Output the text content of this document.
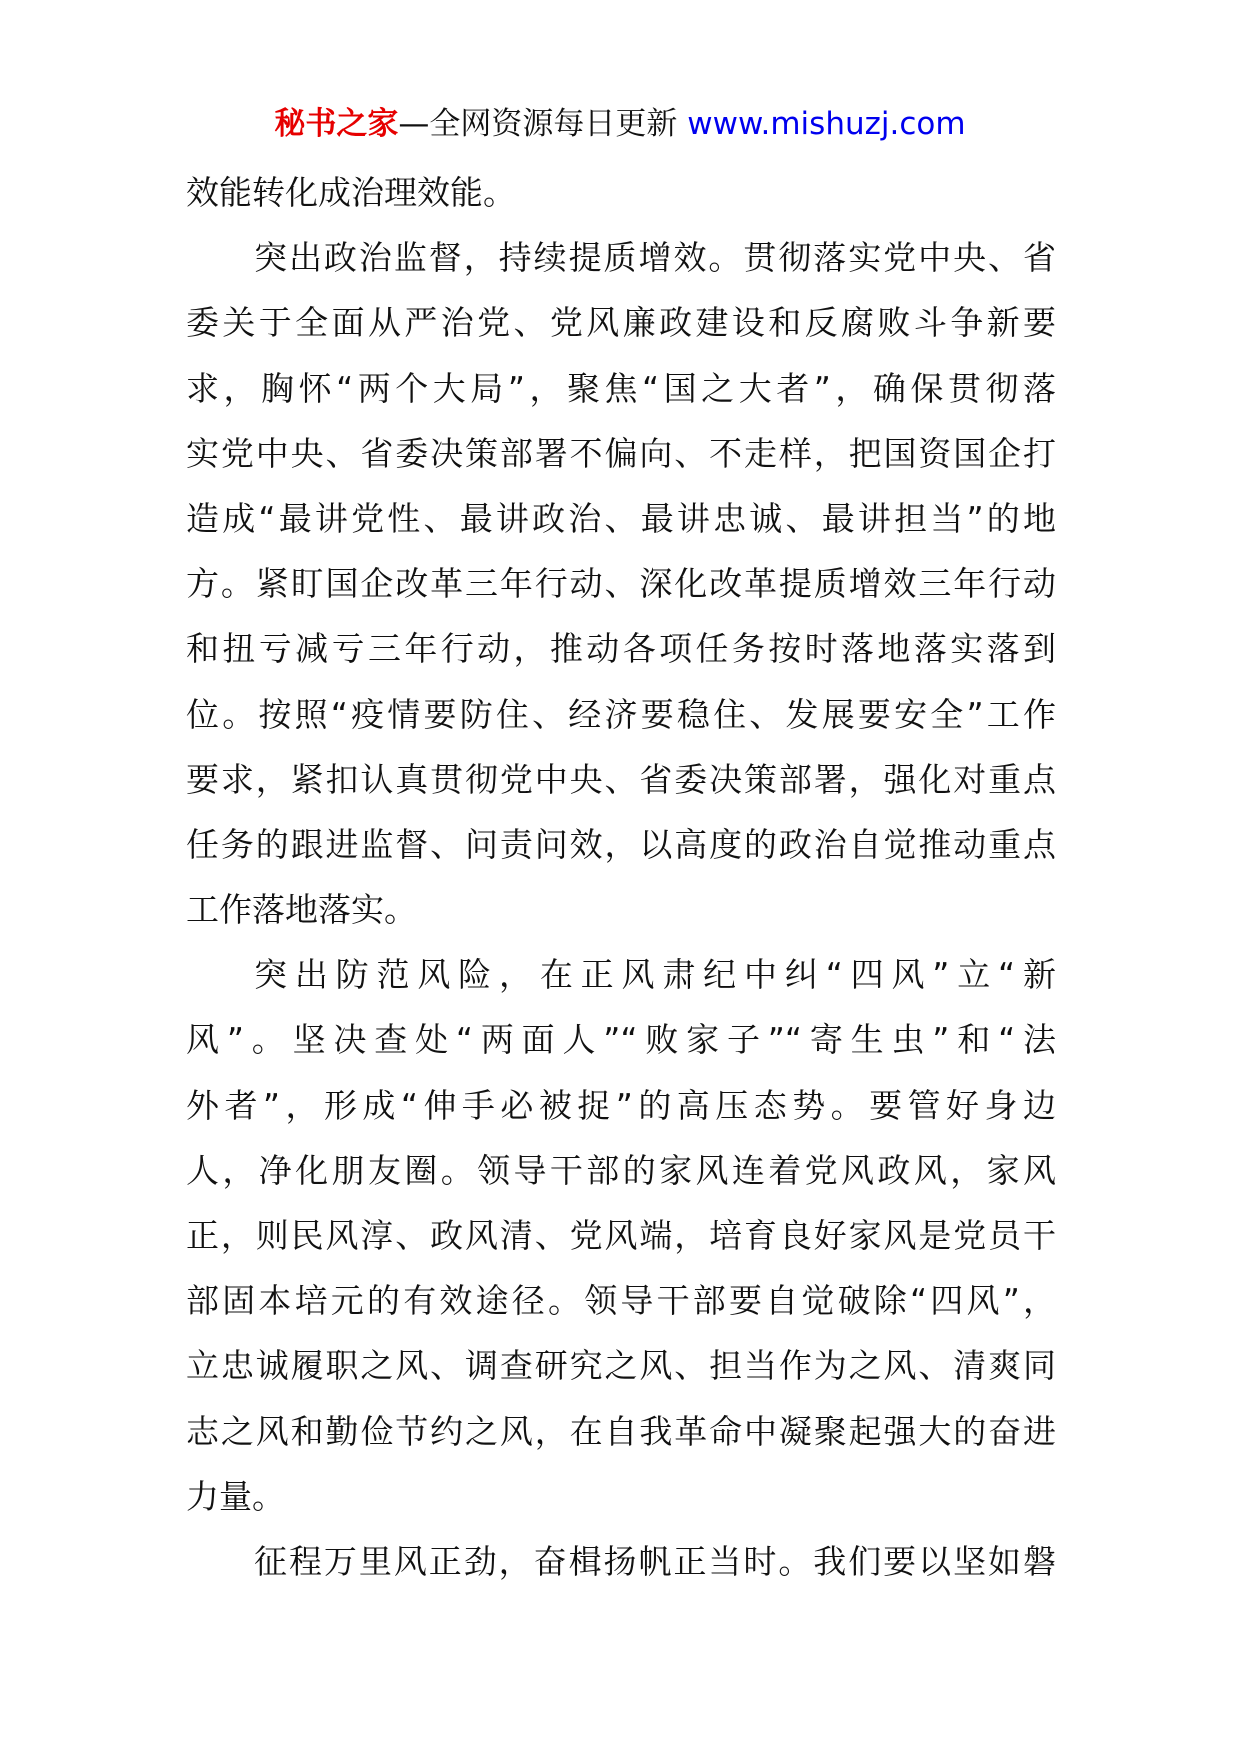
秘书之家—全网资源每日更新 www.mishuzj.com
效能转化成治理效能。
突出政治监督，持续提质增效。贯彻落实党中央、省
委关于全面从严治党、党风廉政建设和反腐败斗争新要
求，胸怀“两个大局”，聚焦“国之大者”，确保贯彻落
实党中央、省委决策部署不偏向、不走样，把国资国企打
造成“最讲党性、最讲政治、最讲忠诚、最讲担当”的地
方。紧盯国企改革三年行动、深化改革提质增效三年行动
和扭亏减亏三年行动，推动各项任务按时落地落实落到
位。按照“疫情要防住、经济要稳住、发展要安全”工作
要求，紧扣认真贯彻党中央、省委决策部署，强化对重点
任务的跟进监督、问责问效，以高度的政治自觉推动重点
工作落地落实。
突出防范风险，在正风肃纪中纠“四风”立“新
风”。坚决查处“两面人”“败家子”“寄生虫”和“法
外者”，形成“伸手必被捉”的高压态势。要管好身边
人，净化朋友圈。领导干部的家风连着党风政风，家风
正，则民风淳、政风清、党风端，培育良好家风是党员干
部固本培元的有效途径。领导干部要自觉破除“四风”，
立忠诚履职之风、调查研究之风、担当作为之风、清爽同
志之风和勤俭节约之风，在自我革命中凝聚起强大的奋进
力量。
征程万里风正劲，奋楫扬帆正当时。我们要以坚如磐
